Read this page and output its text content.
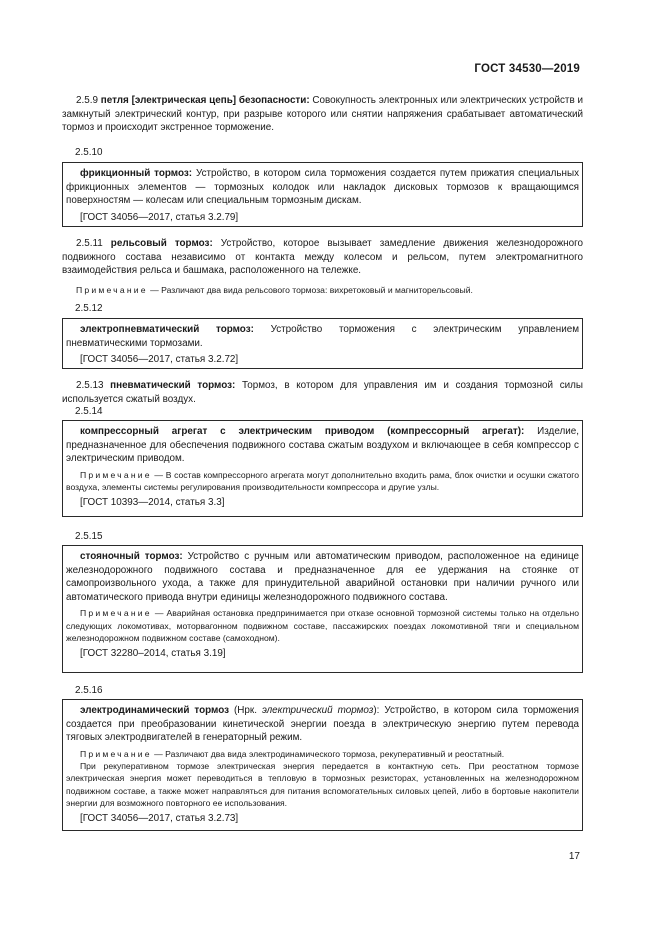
ГОСТ 34530—2019
2.5.9 петля [электрическая цепь] безопасности: Совокупность электронных или электрических устройств и замкнутый электрический контур, при разрыве которого или снятии напряжения срабатывает автоматический тормоз и происходит экстренное торможение.
2.5.10

фрикционный тормоз: Устройство, в котором сила торможения создается путем прижатия специальных фрикционных элементов — тормозных колодок или накладок дисковых тормозов к вращающимся поверхностям — колесам или специальным тормозным дискам.

[ГОСТ 34056—2017, статья 3.2.79]

2.5.11 рельсовый тормоз: Устройство, которое вызывает замедление движения железнодорожного подвижного состава независимо от контакта между колесом и рельсом, путем электромагнитного взаимодействия рельса и башмака, расположенного на тележке.
Примечание — Различают два вида рельсового тормоза: вихретоковый и магниторельсовый.
2.5.12

электропневматический тормоз: Устройство торможения с электрическим управлением пневматическими тормозами.

[ГОСТ 34056—2017, статья 3.2.72]

2.5.13 пневматический тормоз: Тормоз, в котором для управления им и создания тормозной силы используется сжатый воздух.
2.5.14

компрессорный агрегат с электрическим приводом (компрессорный агрегат): Изделие, предназначенное для обеспечения подвижного состава сжатым воздухом и включающее в себя компрессор с электрическим приводом.

Примечание — В состав компрессорного агрегата могут дополнительно входить рама, блок очистки и осушки сжатого воздуха, элементы системы регулирования производительности компрессора и другие узлы.

[ГОСТ 10393—2014, статья 3.3]

2.5.15

стояночный тормоз: Устройство с ручным или автоматическим приводом, расположенное на единице железнодорожного подвижного состава и предназначенное для ее удержания на стоянке от самопроизвольного ухода, а также для принудительной аварийной остановки при наличии ручного или автоматического привода внутри единицы железнодорожного подвижного состава.

Примечание — Аварийная остановка предпринимается при отказе основной тормозной системы только на отдельно следующих локомотивах, моторвагонном подвижном составе, пассажирских поездах локомотивной тяги и специальном железнодорожном подвижном составе (самоходном).

[ГОСТ 32280–2014, статья 3.19]

2.5.16

электродинамический тормоз (Нрк. электрический тормоз): Устройство, в котором сила торможения создается при преобразовании кинетической энергии поезда в электрическую энергию путем перевода тяговых электродвигателей в генераторный режим.

Примечание — Различают два вида электродинамического тормоза, рекуперативный и реостатный.

При рекуперативном тормозе электрическая энергия передается в контактную сеть. При реостатном тормозе электрическая энергия может переводиться в тепловую в тормозных резисторах, установленных на железнодорожном подвижном составе, а также может направляться для питания вспомогательных силовых цепей, либо в бортовые накопители энергии для возможного повторного ее использования.

[ГОСТ 34056—2017, статья 3.2.73]

17
